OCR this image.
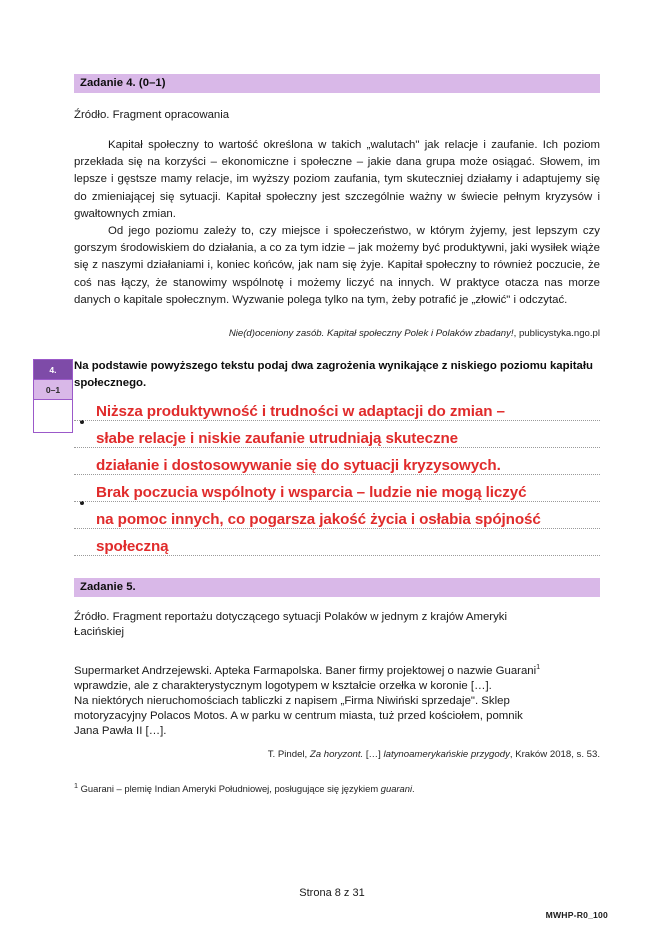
Zadanie 4. (0–1)
Źródło. Fragment opracowania
Kapitał społeczny to wartość określona w takich „walutach" jak relacje i zaufanie. Ich poziom przekłada się na korzyści – ekonomiczne i społeczne – jakie dana grupa może osiągać. Słowem, im lepsze i gęstsze mamy relacje, im wyższy poziom zaufania, tym skuteczniej działamy i adaptujemy się do zmieniającej się sytuacji. Kapitał społeczny jest szczególnie ważny w świecie pełnym kryzysów i gwałtownych zmian.
Od jego poziomu zależy to, czy miejsce i społeczeństwo, w którym żyjemy, jest lepszym czy gorszym środowiskiem do działania, a co za tym idzie – jak możemy być produktywni, jaki wysiłek wiąże się z naszymi działaniami i, koniec końców, jak nam się żyje. Kapitał społeczny to również poczucie, że coś nas łączy, że stanowimy wspólnotę i możemy liczyć na innych. W praktyce otacza nas morze danych o kapitale społecznym. Wyzwanie polega tylko na tym, żeby potrafić je „złowić" i odczytać.
Nie(d)oceniony zasób. Kapitał społeczny Polek i Polaków zbadany!, publicystyka.ngo.pl
4.
0–1
Na podstawie powyższego tekstu podaj dwa zagrożenia wynikające z niskiego poziomu kapitału społecznego.
Niższa produktywność i trudności w adaptacji do zmian –
słabe relacje i niskie zaufanie utrudniają skuteczne
działanie i dostosowywanie się do sytuacji kryzysowych.
Brak poczucia wspólnoty i wsparcia – ludzie nie mogą liczyć
na pomoc innych, co pogarsza jakość życia i osłabia spójność
społeczną
Zadanie 5.
Źródło. Fragment reportażu dotyczącego sytuacji Polaków w jednym z krajów Ameryki
Łacińskiej
Supermarket Andrzejewski. Apteka Farmapolska. Baner firmy projektowej o nazwie Guarani$^1$
wprawdzie, ale z charakterystycznym logotypem w kształcie orzełka w koronie […].
Na niektórych nieruchomościach tabliczki z napisem „Firma Niwiński sprzedaje". Sklep
motoryzacyjny Polacos Motos. A w parku w centrum miasta, tuż przed kościołem, pomnik
Jana Pawła II […].
T. Pindel, Za horyzont. […] latynoamerykańskie przygody, Kraków 2018, s. 53.
$^1$ Guarani – plemię Indian Ameryki Południowej, posługujące się językiem guarani.
Strona 8 z 31
MWHP-R0_100
